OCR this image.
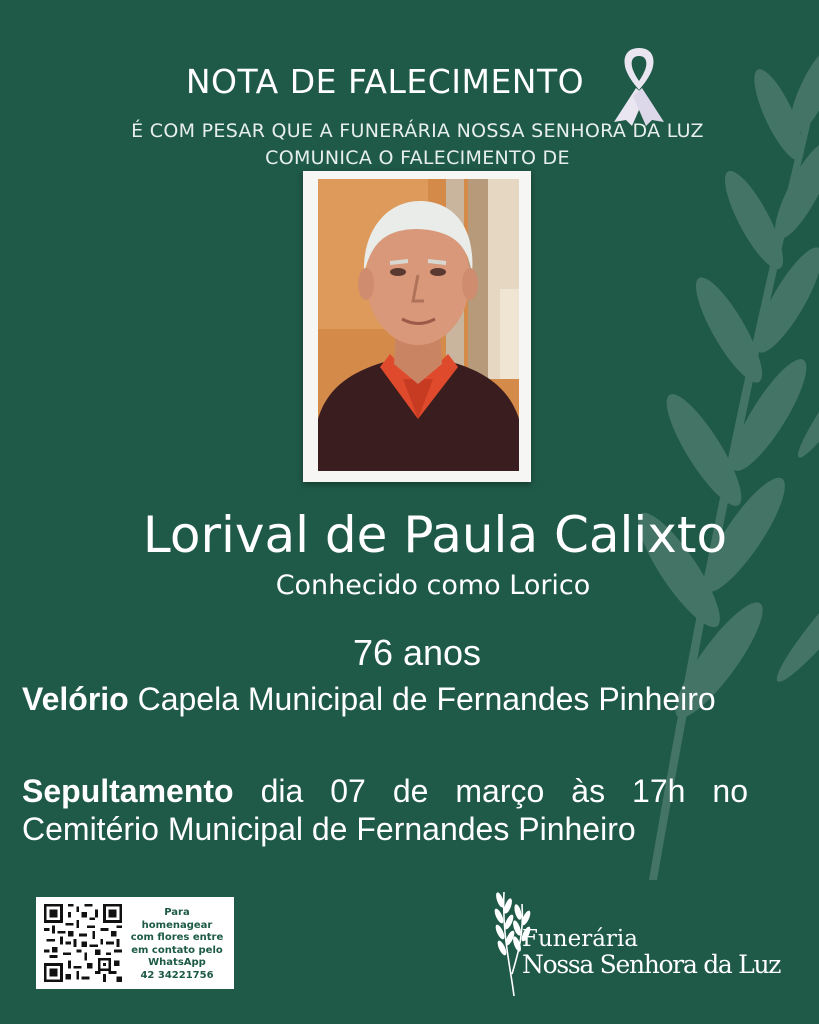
NOTA DE FALECIMENTO
É COM PESAR QUE A FUNERÁRIA NOSSA SENHORA DA LUZ
COMUNICA O FALECIMENTO DE
Lorival de Paula Calixto
Conhecido como Lorico
76 anos
Velório Capela Municipal de Fernandes Pinheiro
Sepultamento dia 07 de março às 17h no Cemitério Municipal de Fernandes Pinheiro
Para
homenagear
com flores entre
em contato pelo
WhatsApp
42 34221756
Funerária
Nossa Senhora da Luz
